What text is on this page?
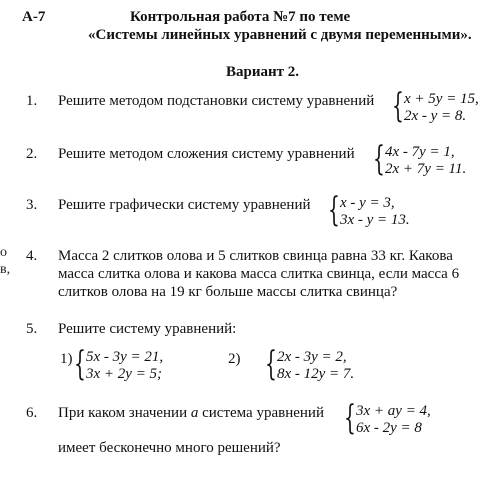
А-7	Контрольная работа №7 по теме
«Системы линейных уравнений с двумя переменными».
Вариант 2.
о
в,
1. Решите методом подстановки систему уравнений { x + 5y = 15,
2x - y = 8.
2. Решите методом сложения систему уравнений { 4x - 7y = 1,
2x + 7y = 11.
3. Решите графически систему уравнений { x - y = 3,
3x - y = 13.
4. Масса 2 слитков олова и 5 слитков свинца равна 33 кг. Какова
масса слитка олова и какова масса слитка свинца, если масса 6
слитков олова на 19 кг больше массы слитка свинца?
5. Решите систему уравнений:
1) { 5x - 3y = 21,
3x + 2y = 5;
2) { 2x - 3y = 2,
8x - 12y = 7.
6. При каком значении a система уравнений { 3x + ay = 4,
6x - 2y = 8
имеет бесконечно много решений?
